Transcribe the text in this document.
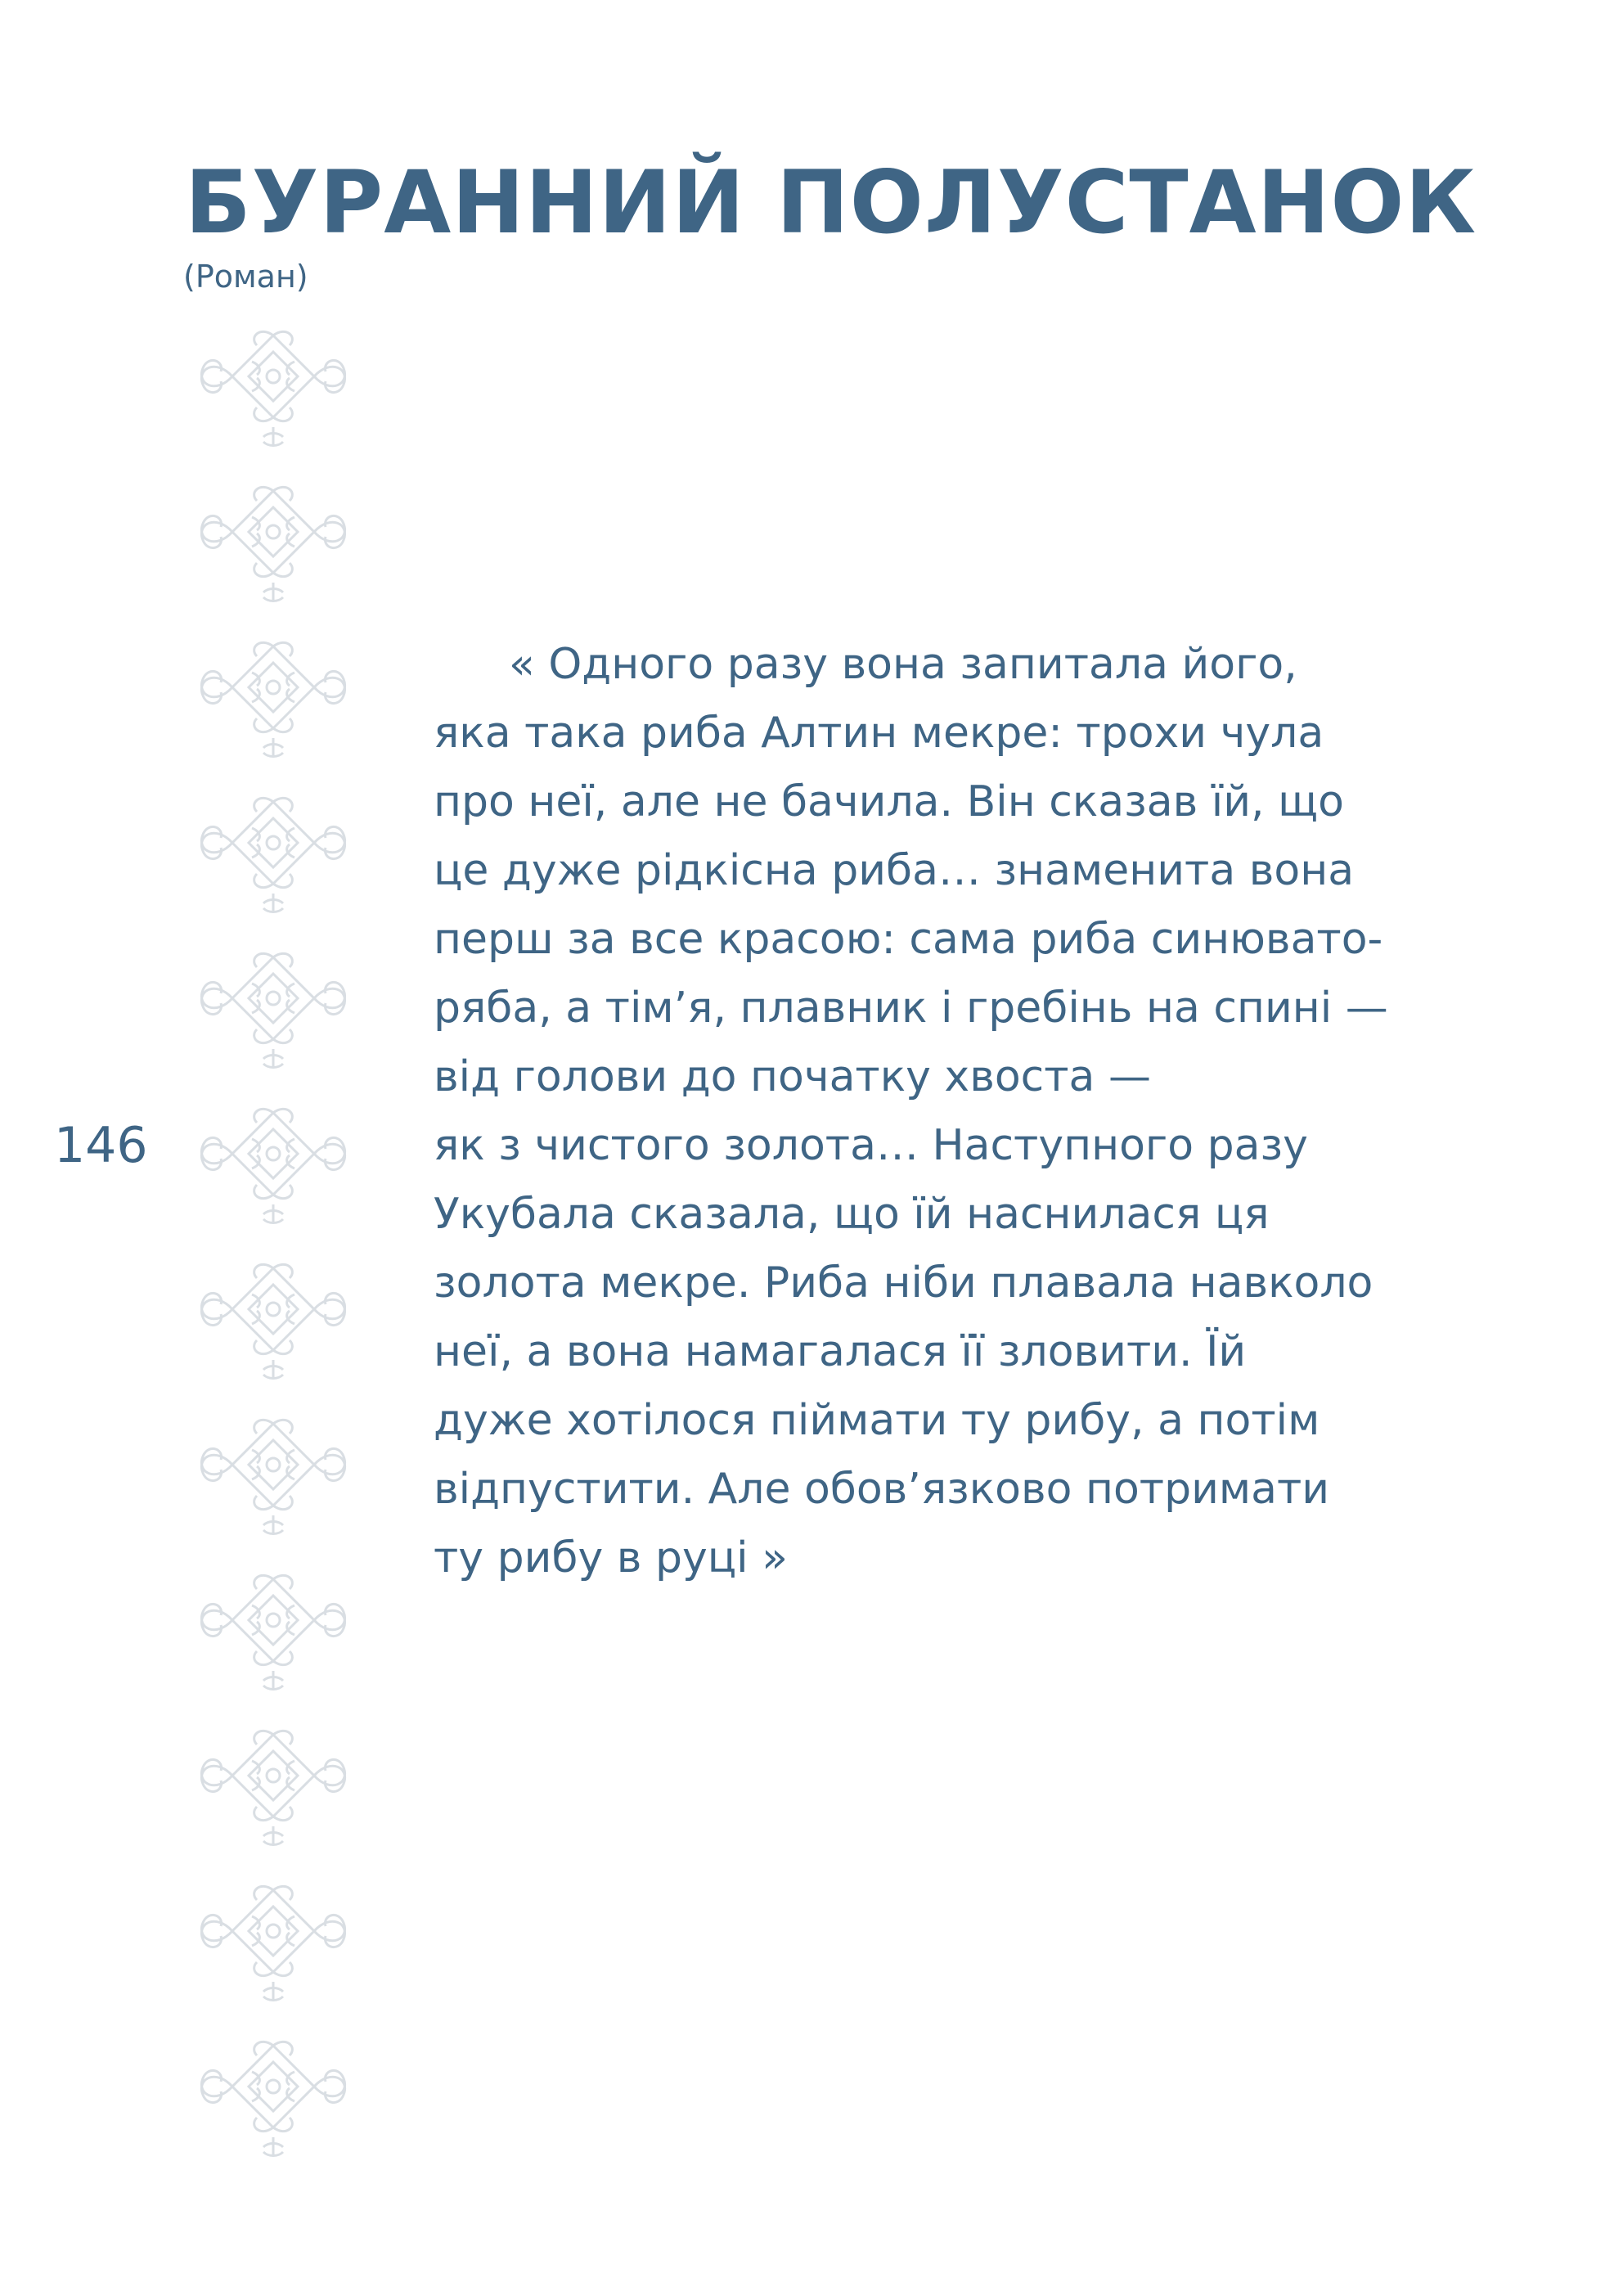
БУРАННИЙ ПОЛУСТАНОК
(Роман)
146
« Одного разу вона запитала його,
яка така риба Алтин мекре: трохи чула
про неї, але не бачила. Він сказав їй, що
це дуже рідкісна риба… знаменита вона
перш за все красою: сама риба синювато-
ряба, а тім’я, плавник і гребінь на спині —
від голови до початку хвоста —
як з чистого золота… Наступного разу
Укубала сказала, що їй наснилася ця
золота мекре. Риба ніби плавала навколо
неї, а вона намагалася її зловити. Їй
дуже хотілося піймати ту рибу, а потім
відпустити. Але обов’язково потримати
ту рибу в руці »
